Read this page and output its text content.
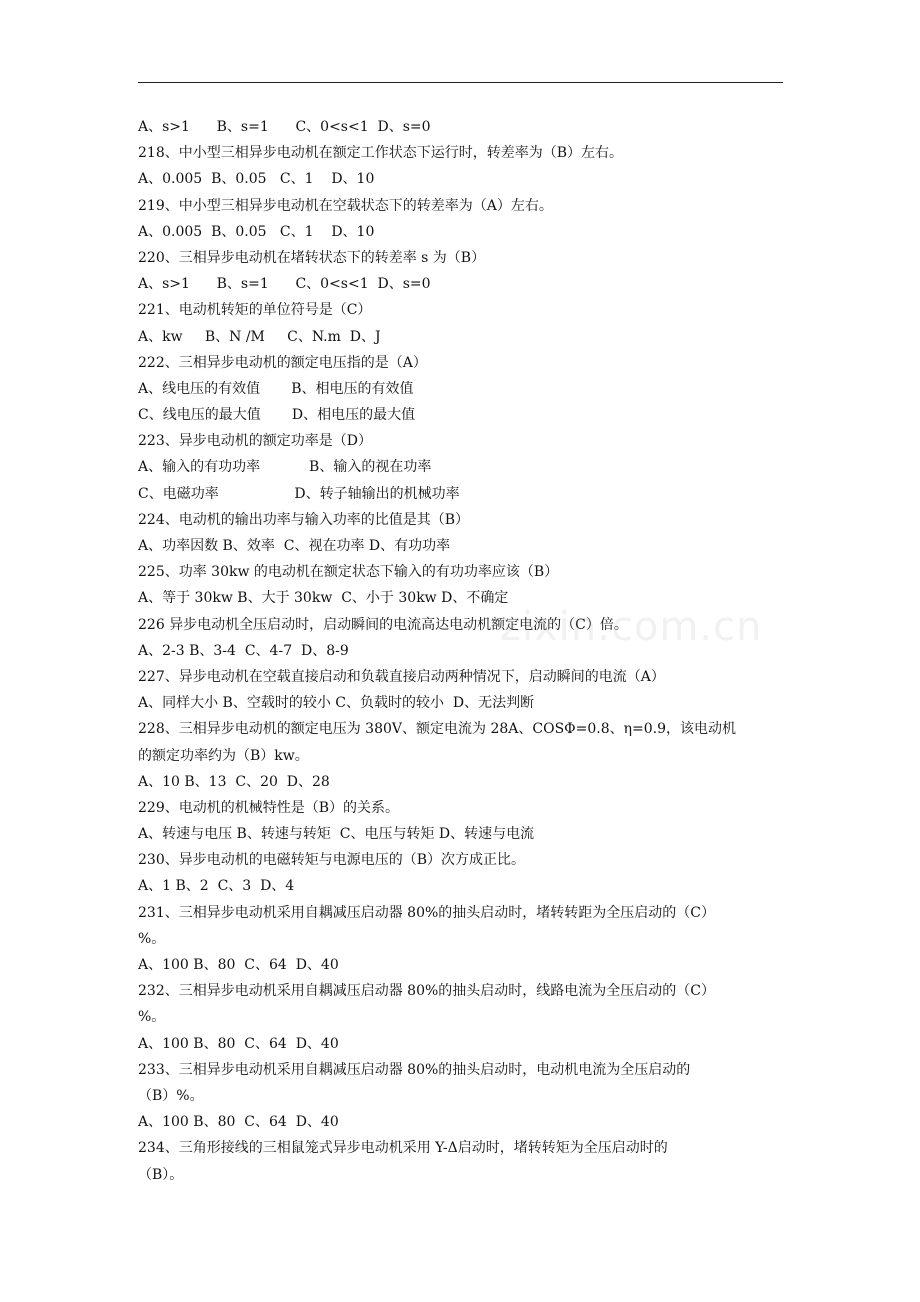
A、s>1      B、s=1      C、0<s<1  D、s=0
218、中小型三相异步电动机在额定工作状态下运行时，转差率为（B）左右。
A、0.005  B、0.05   C、1    D、10
219、中小型三相异步电动机在空载状态下的转差率为（A）左右。
A、0.005  B、0.05   C、1    D、10
220、三相异步电动机在堵转状态下的转差率 s 为（B）
A、s>1      B、s=1      C、0<s<1  D、s=0
221、电动机转矩的单位符号是（C）
A、kw     B、N /M     C、N.m  D、J
222、三相异步电动机的额定电压指的是（A）
A、线电压的有效值       B、相电压的有效值
C、线电压的最大值       D、相电压的最大值
223、异步电动机的额定功率是（D）
A、输入的有功功率           B、输入的视在功率
C、电磁功率                 D、转子轴输出的机械功率
224、电动机的输出功率与输入功率的比值是其（B）
A、功率因数 B、效率  C、视在功率 D、有功功率
225、功率 30kw 的电动机在额定状态下输入的有功功率应该（B）
A、等于 30kw B、大于 30kw  C、小于 30kw D、不确定
226 异步电动机全压启动时，启动瞬间的电流高达电动机额定电流的（C）倍。
A、2-3 B、3-4  C、4-7  D、8-9
227、异步电动机在空载直接启动和负载直接启动两种情况下，启动瞬间的电流（A）
A、同样大小 B、空载时的较小 C、负载时的较小  D、无法判断
228、三相异步电动机的额定电压为 380V、额定电流为 28A、COSΦ=0.8、η=0.9，该电动机
的额定功率约为（B）kw。
A、10 B、13  C、20  D、28
229、电动机的机械特性是（B）的关系。
A、转速与电压 B、转速与转矩  C、电压与转矩 D、转速与电流
230、异步电动机的电磁转矩与电源电压的（B）次方成正比。
A、1 B、2  C、3  D、4
231、三相异步电动机采用自耦减压启动器 80%的抽头启动时，堵转转距为全压启动的（C）
%。
A、100 B、80  C、64  D、40
232、三相异步电动机采用自耦减压启动器 80%的抽头启动时，线路电流为全压启动的（C）
%。
A、100 B、80  C、64  D、40
233、三相异步电动机采用自耦减压启动器 80%的抽头启动时，电动机电流为全压启动的
（B）%。
A、100 B、80  C、64  D、40
234、三角形接线的三相鼠笼式异步电动机采用 Y-Δ启动时，堵转转矩为全压启动时的
（B）。
zixin.com.cn
